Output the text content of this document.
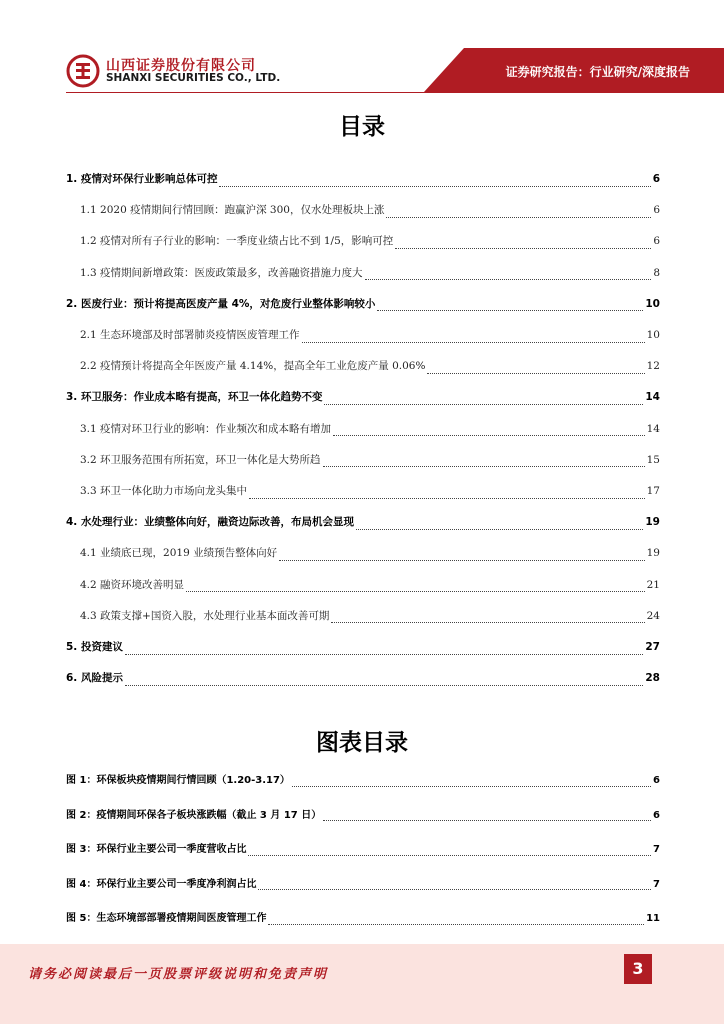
山西证券股份有限公司
SHANXI SECURITIES CO., LTD.	证券研究报告：行业研究/深度报告
目录
1. 疫情对环保行业影响总体可控	6
1.1 2020 疫情期间行情回顾：跑赢沪深 300，仅水处理板块上涨	6
1.2 疫情对所有子行业的影响：一季度业绩占比不到 1/5，影响可控	6
1.3 疫情期间新增政策：医废政策最多，改善融资措施力度大	8
2. 医废行业：预计将提高医废产量 4%，对危废行业整体影响较小	10
2.1 生态环境部及时部署肺炎疫情医废管理工作	10
2.2 疫情预计将提高全年医废产量 4.14%，提高全年工业危废产量 0.06%	12
3. 环卫服务：作业成本略有提高，环卫一体化趋势不变	14
3.1 疫情对环卫行业的影响：作业频次和成本略有增加	14
3.2 环卫服务范围有所拓宽，环卫一体化是大势所趋	15
3.3 环卫一体化助力市场向龙头集中	17
4. 水处理行业：业绩整体向好，融资边际改善，布局机会显现	19
4.1 业绩底已现，2019 业绩预告整体向好	19
4.2 融资环境改善明显	21
4.3 政策支撑+国资入股，水处理行业基本面改善可期	24
5. 投资建议	27
6. 风险提示	28
图表目录
图 1：环保板块疫情期间行情回顾（1.20-3.17）	6
图 2：疫情期间环保各子板块涨跌幅（截止 3 月 17 日）	6
图 3：环保行业主要公司一季度营收占比	7
图 4：环保行业主要公司一季度净利润占比	7
图 5：生态环境部部署疫情期间医废管理工作	11
请务必阅读最后一页股票评级说明和免责声明	3
